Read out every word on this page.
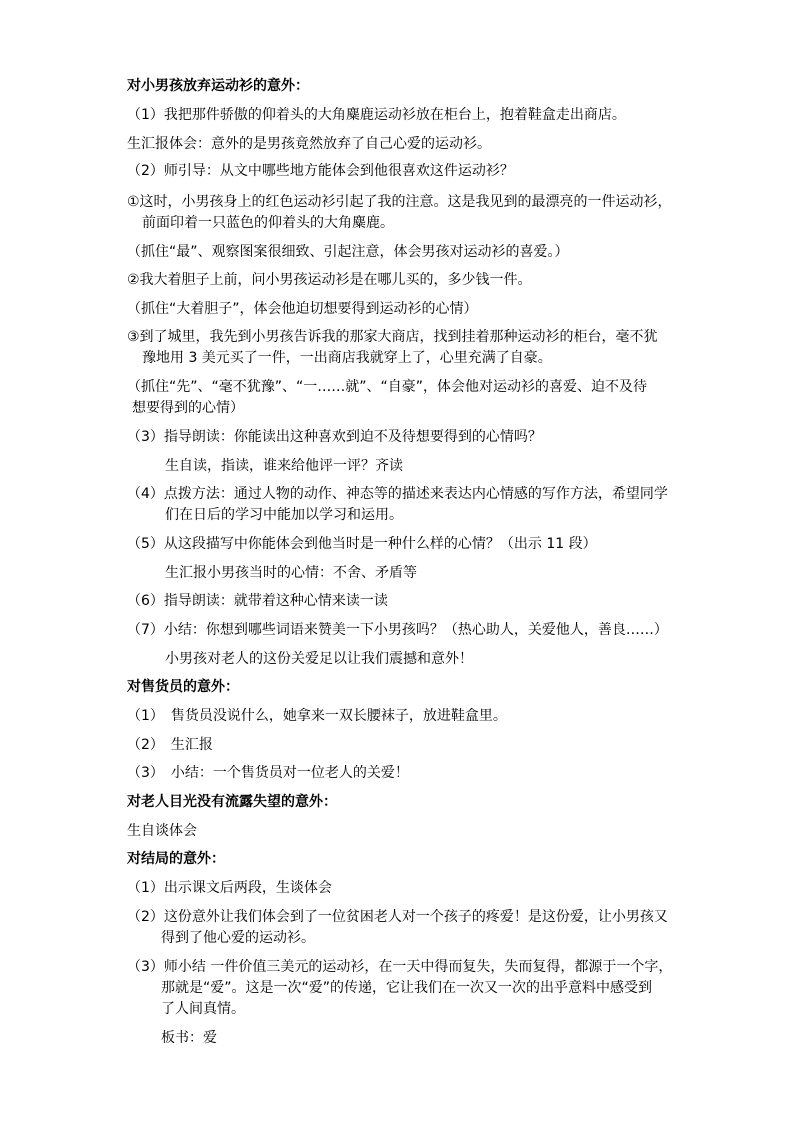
对小男孩放弃运动衫的意外：
（1）我把那件骄傲的仰着头的大角麋鹿运动衫放在柜台上，抱着鞋盒走出商店。
生汇报体会：意外的是男孩竟然放弃了自己心爱的运动衫。
（2）师引导：从文中哪些地方能体会到他很喜欢这件运动衫？
①这时，小男孩身上的红色运动衫引起了我的注意。这是我见到的最漂亮的一件运动衫，
前面印着一只蓝色的仰着头的大角麋鹿。
（抓住“最”、观察图案很细致、引起注意，体会男孩对运动衫的喜爱。）
②我大着胆子上前，问小男孩运动衫是在哪儿买的，多少钱一件。
（抓住“大着胆子”，体会他迫切想要得到运动衫的心情）
③到了城里，我先到小男孩告诉我的那家大商店，找到挂着那种运动衫的柜台，毫不犹
豫地用 3 美元买了一件，一出商店我就穿上了，心里充满了自豪。
（抓住“先”、“毫不犹豫”、“一……就”、“自豪”，体会他对运动衫的喜爱、迫不及待
想要得到的心情）
（3）指导朗读：你能读出这种喜欢到迫不及待想要得到的心情吗？
生自读，指读，谁来给他评一评？齐读
（4）点拨方法：通过人物的动作、神态等的描述来表达内心情感的写作方法，希望同学
们在日后的学习中能加以学习和运用。
（5）从这段描写中你能体会到他当时是一种什么样的心情？（出示 11 段）
生汇报小男孩当时的心情：不舍、矛盾等
（6）指导朗读：就带着这种心情来读一读
（7）小结：你想到哪些词语来赞美一下小男孩吗？（热心助人，关爱他人，善良……）
小男孩对老人的这份关爱足以让我们震撼和意外！
对售货员的意外：
（1）　售货员没说什么，她拿来一双长腰袜子，放进鞋盒里。
（2）　生汇报
（3）　小结：一个售货员对一位老人的关爱！
对老人目光没有流露失望的意外：
生自谈体会
对结局的意外：
（1）出示课文后两段，生谈体会
（2）这份意外让我们体会到了一位贫困老人对一个孩子的疼爱！是这份爱，让小男孩又
得到了他心爱的运动衫。
（3）师小结 一件价值三美元的运动衫，在一天中得而复失，失而复得，都源于一个字，
那就是“爱”。这是一次“爱”的传递，它让我们在一次又一次的出乎意料中感受到
了人间真情。
板书：爱
